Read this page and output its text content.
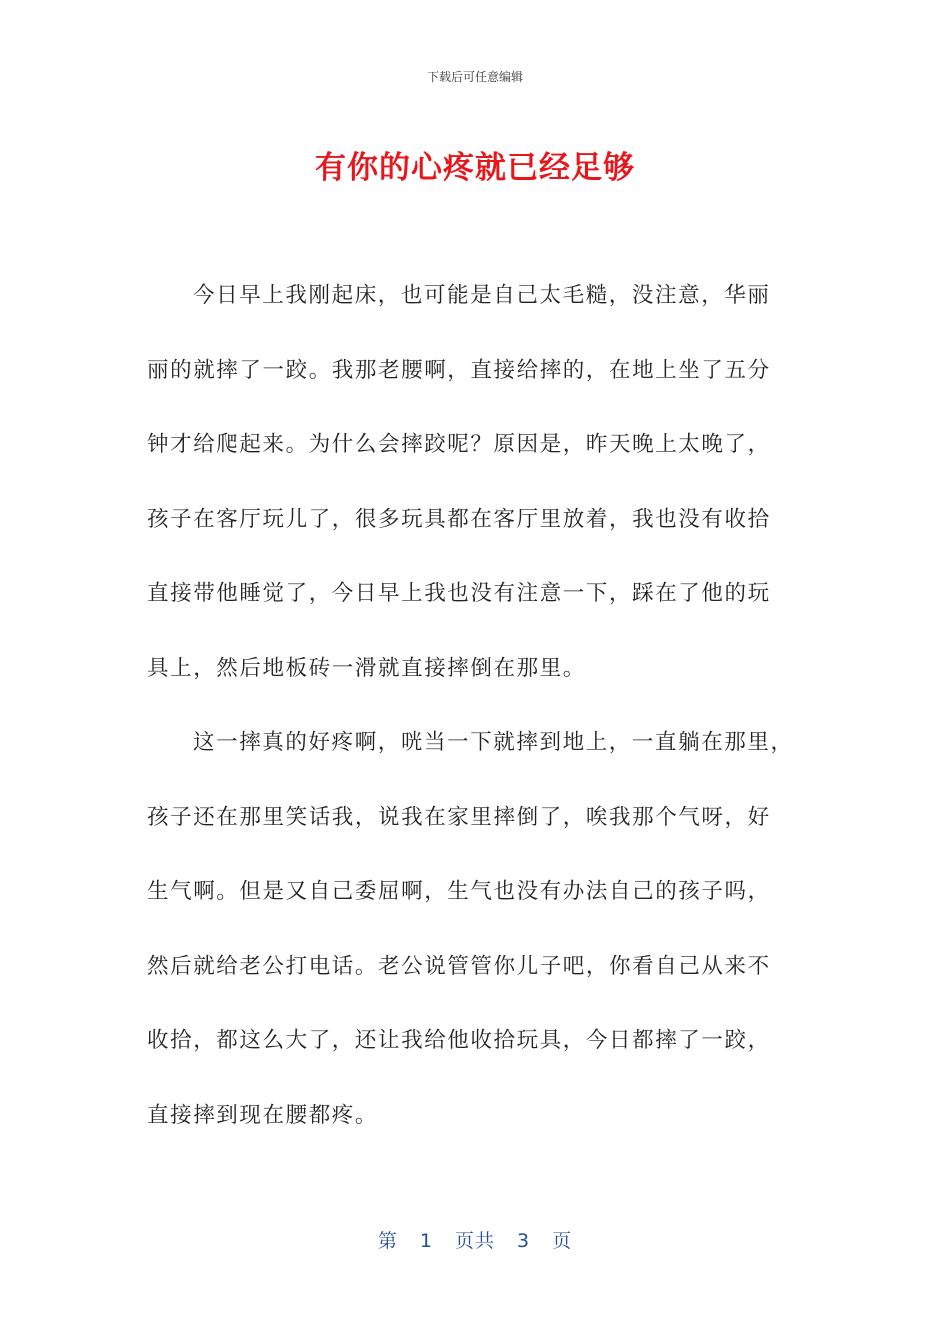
下载后可任意编辑
有你的心疼就已经足够
今日早上我刚起床，也可能是自己太毛糙，没注意，华丽
丽的就摔了一跤。我那老腰啊，直接给摔的，在地上坐了五分
钟才给爬起来。为什么会摔跤呢？原因是，昨天晚上太晚了，
孩子在客厅玩儿了，很多玩具都在客厅里放着，我也没有收拾
直接带他睡觉了，今日早上我也没有注意一下，踩在了他的玩
具上，然后地板砖一滑就直接摔倒在那里。
这一摔真的好疼啊，咣当一下就摔到地上，一直躺在那里，
孩子还在那里笑话我，说我在家里摔倒了，唉我那个气呀，好
生气啊。但是又自己委屈啊，生气也没有办法自己的孩子吗，
然后就给老公打电话。老公说管管你儿子吧，你看自己从来不
收拾，都这么大了，还让我给他收拾玩具，今日都摔了一跤，
直接摔到现在腰都疼。
第 1 页共 3 页
